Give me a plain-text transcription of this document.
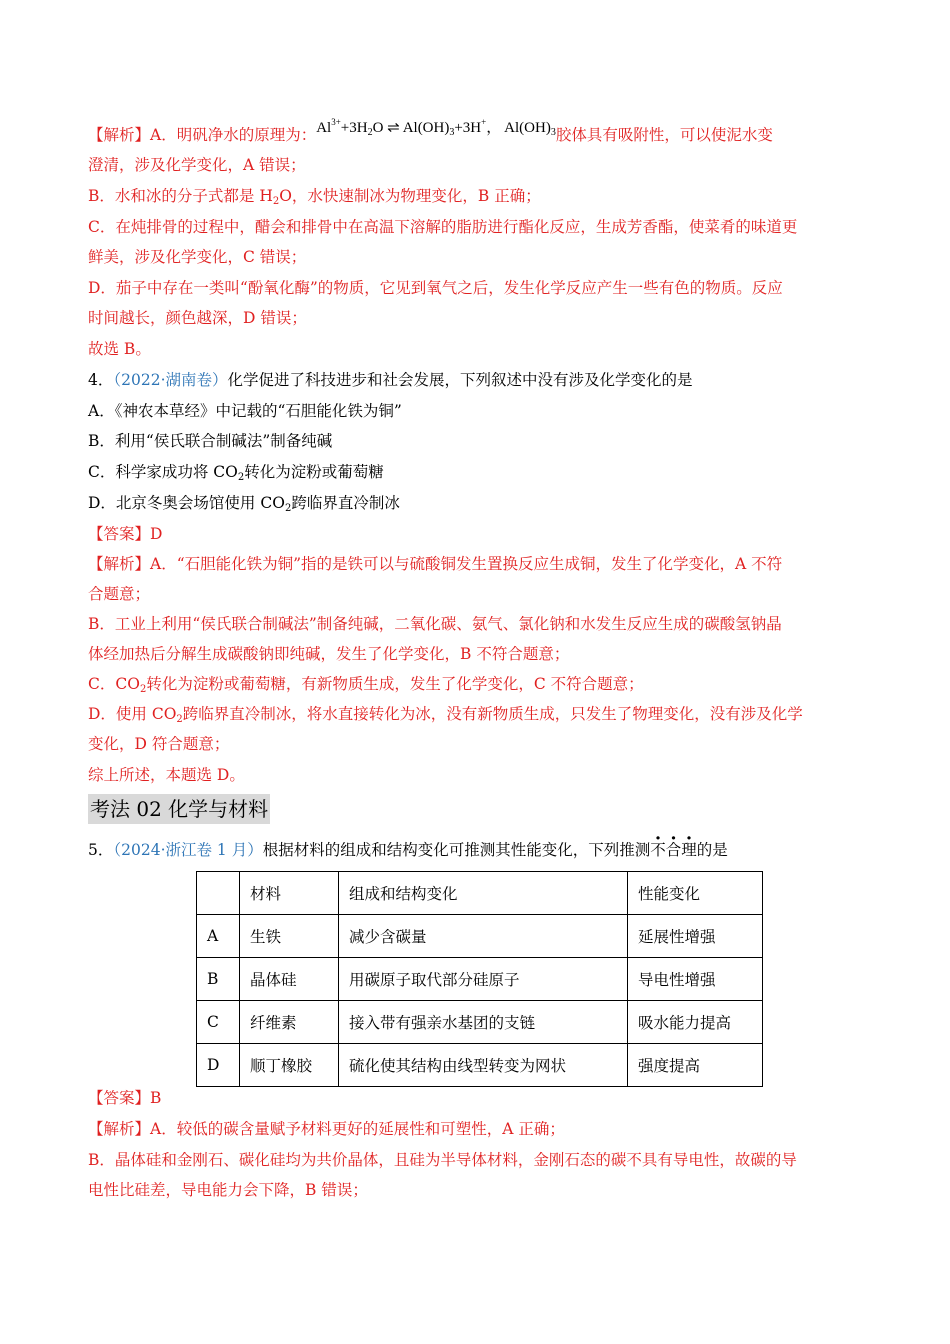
【解析】A．明矾净水的原理为：$Al^{3+}+3H_2O$ ⇌ $Al(OH)_3+3H^+$， $Al(OH)_3$胶体具有吸附性，可以使泥水变
澄清，涉及化学变化，A 错误；
B．水和冰的分子式都是 $H_2O$，水快速制冰为物理变化，B 正确；
C．在炖排骨的过程中，醋会和排骨中在高温下溶解的脂肪进行酯化反应，生成芳香酯，使菜肴的味道更
鲜美，涉及化学变化，C 错误；
D．茄子中存在一类叫“酚氧化酶”的物质，它见到氧气之后，发生化学反应产生一些有色的物质。反应
时间越长，颜色越深，D 错误；
故选 B。
4．（2022·湖南卷）化学促进了科技进步和社会发展，下列叙述中没有涉及化学变化的是
A．《神农本草经》中记载的“石胆能化铁为铜”
B．利用“侯氏联合制碱法”制备纯碱
C．科学家成功将 $CO_2$转化为淀粉或葡萄糖
D．北京冬奥会场馆使用 $CO_2$跨临界直冷制冰
【答案】D
【解析】A．“石胆能化铁为铜”指的是铁可以与硫酸铜发生置换反应生成铜，发生了化学变化，A 不符
合题意；
B．工业上利用“侯氏联合制碱法”制备纯碱，二氧化碳、氨气、氯化钠和水发生反应生成的碳酸氢钠晶
体经加热后分解生成碳酸钠即纯碱，发生了化学变化，B 不符合题意；
C．$CO_2$转化为淀粉或葡萄糖，有新物质生成，发生了化学变化，C 不符合题意；
D．使用 $CO_2$跨临界直冷制冰，将水直接转化为冰，没有新物质生成，只发生了物理变化，没有涉及化学
变化，D 符合题意；
综上所述，本题选 D。
考法 02 化学与材料
5．（2024·浙江卷 1 月）根据材料的组成和结构变化可推测其性能变化，下列推测不合理的是
	材料	组成和结构变化	性能变化
A	生铁	减少含碳量	延展性增强
B	晶体硅	用碳原子取代部分硅原子	导电性增强
C	纤维素	接入带有强亲水基团的支链	吸水能力提高
D	顺丁橡胶	硫化使其结构由线型转变为网状	强度提高
【答案】B
【解析】A．较低的碳含量赋予材料更好的延展性和可塑性，A 正确；
B．晶体硅和金刚石、碳化硅均为共价晶体，且硅为半导体材料，金刚石态的碳不具有导电性，故碳的导
电性比硅差，导电能力会下降，B 错误；
